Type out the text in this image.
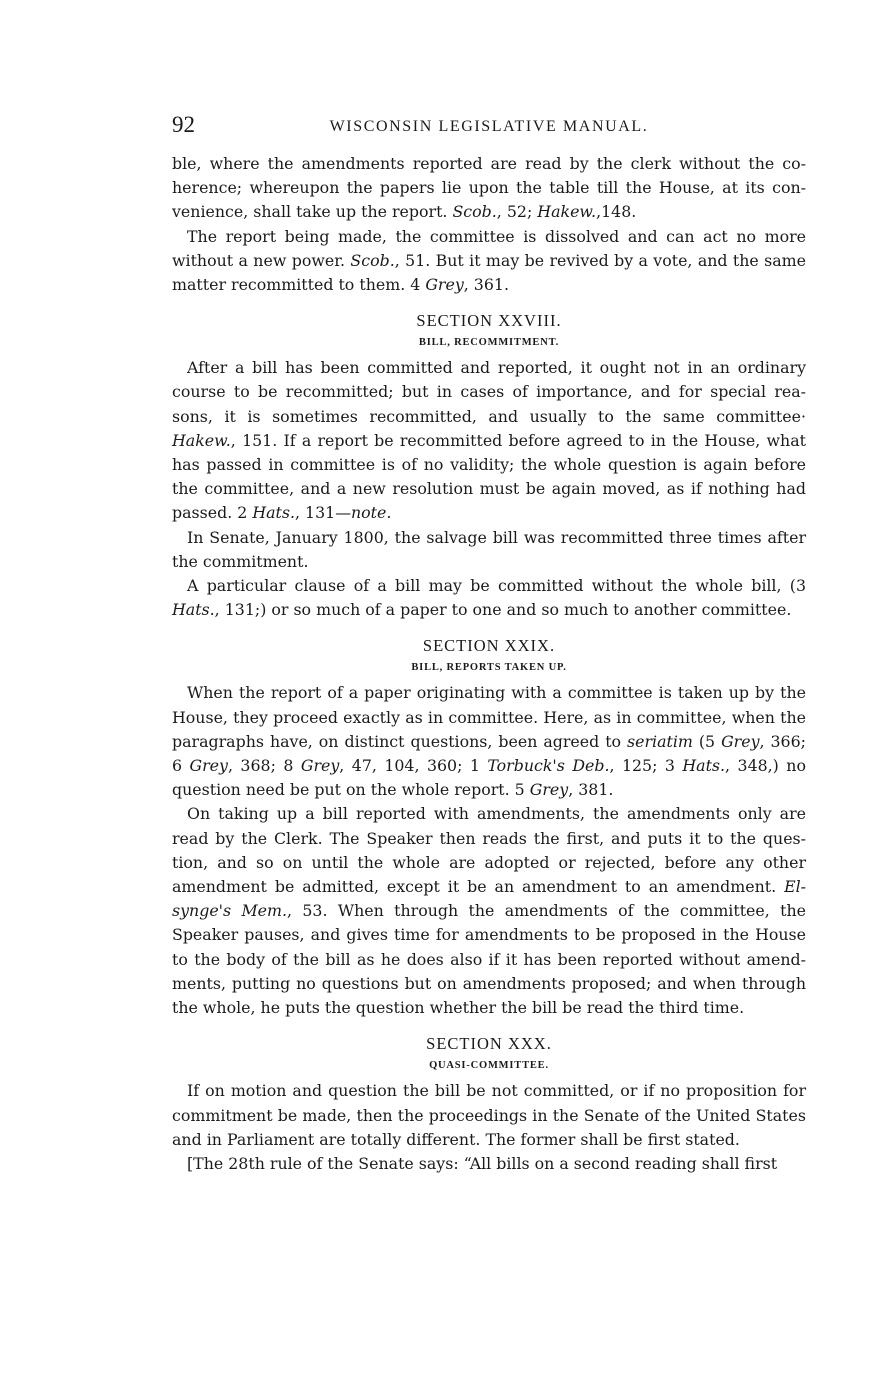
92	WISCONSIN LEGISLATIVE MANUAL.

ble, where the amendments reported are read by the clerk without the co- herence; whereupon the papers lie upon the table till the House, at its con- venience, shall take up the report. Scob., 52; Hakew.,148.

The report being made, the committee is dissolved and can act no more without a new power. Scob., 51. But it may be revived by a vote, and the same matter recommitted to them. 4 Grey, 361.

SECTION XXVIII.
BILL, RECOMMITMENT.

After a bill has been committed and reported, it ought not in an ordinary course to be recommitted; but in cases of importance, and for special rea- sons, it is sometimes recommitted, and usually to the same committee· Hakew., 151. If a report be recommitted before agreed to in the House, what has passed in committee is of no validity; the whole question is again before the committee, and a new resolution must be again moved, as if nothing had passed. 2 Hats., 131—note.

In Senate, January 1800, the salvage bill was recommitted three times after the commitment.

A particular clause of a bill may be committed without the whole bill, (3 Hats., 131;) or so much of a paper to one and so much to another committee.

SECTION XXIX.
BILL, REPORTS TAKEN UP.

When the report of a paper originating with a committee is taken up by the House, they proceed exactly as in committee. Here, as in committee, when the paragraphs have, on distinct questions, been agreed to seriatim (5 Grey, 366; 6 Grey, 368; 8 Grey, 47, 104, 360; 1 Torbuck's Deb., 125; 3 Hats., 348,) no question need be put on the whole report. 5 Grey, 381.

On taking up a bill reported with amendments, the amendments only are read by the Clerk. The Speaker then reads the first, and puts it to the ques- tion, and so on until the whole are adopted or rejected, before any other amendment be admitted, except it be an amendment to an amendment. El- synge's Mem., 53. When through the amendments of the committee, the Speaker pauses, and gives time for amendments to be proposed in the House to the body of the bill as he does also if it has been reported without amend- ments, putting no questions but on amendments proposed; and when through the whole, he puts the question whether the bill be read the third time.

SECTION XXX.
QUASI-COMMITTEE.

If on motion and question the bill be not committed, or if no proposition for commitment be made, then the proceedings in the Senate of the United States and in Parliament are totally different. The former shall be first stated.

[The 28th rule of the Senate says: “All bills on a second reading shall first
